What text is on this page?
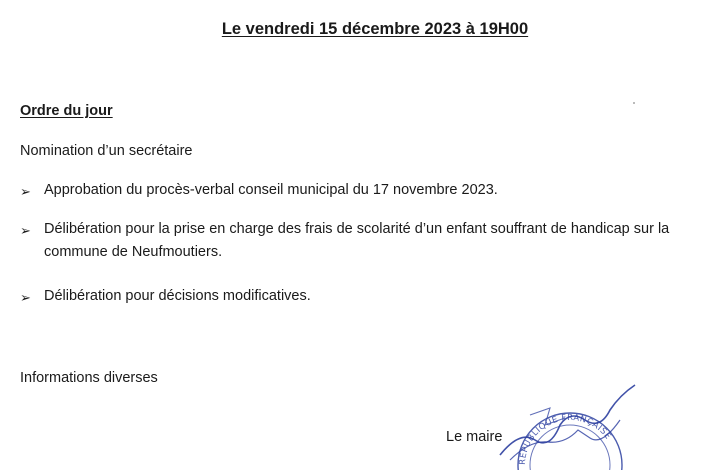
Le vendredi 15 décembre 2023 à 19H00
Ordre du jour
Nomination d’un secrétaire
➢ Approbation du procès-verbal conseil municipal du 17 novembre 2023.
➢ Délibération pour la prise en charge des frais de scolarité d’un enfant souffrant de handicap sur la commune de Neufmoutiers.
➢ Délibération pour décisions modificatives.
Informations diverses
Le maire
RÉPUBLIQUE FRANÇAISE
